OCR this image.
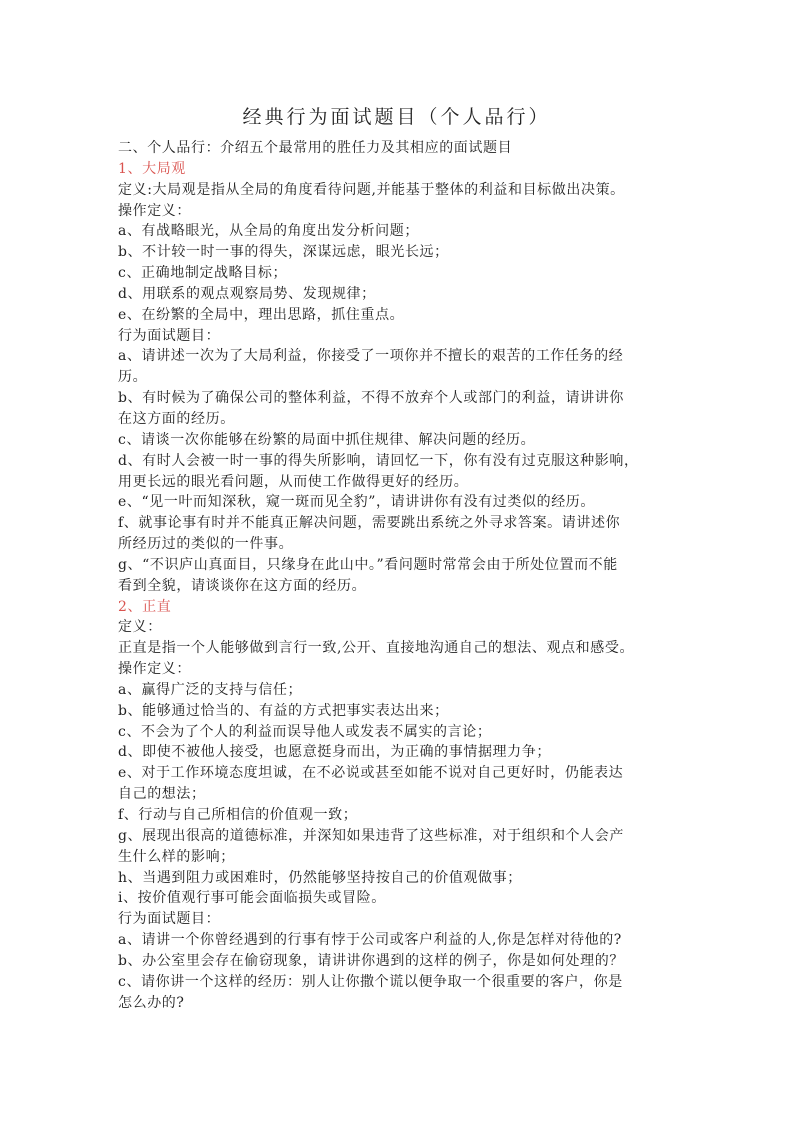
经典行为面试题目（个人品行）
二、个人品行：介绍五个最常用的胜任力及其相应的面试题目
1、大局观
定义:大局观是指从全局的角度看待问题,并能基于整体的利益和目标做出决策。
操作定义：
a、有战略眼光，从全局的角度出发分析问题；
b、不计较一时一事的得失，深谋远虑，眼光长远；
c、正确地制定战略目标；
d、用联系的观点观察局势、发现规律；
e、在纷繁的全局中，理出思路，抓住重点。
行为面试题目：
a、请讲述一次为了大局利益，你接受了一项你并不擅长的艰苦的工作任务的经
历。
b、有时候为了确保公司的整体利益，不得不放弃个人或部门的利益，请讲讲你
在这方面的经历。
c、请谈一次你能够在纷繁的局面中抓住规律、解决问题的经历。
d、有时人会被一时一事的得失所影响，请回忆一下，你有没有过克服这种影响，
用更长远的眼光看问题，从而使工作做得更好的经历。
e、“见一叶而知深秋，窥一斑而见全豹”，请讲讲你有没有过类似的经历。
f、就事论事有时并不能真正解决问题，需要跳出系统之外寻求答案。请讲述你
所经历过的类似的一件事。
g、“不识庐山真面目，只缘身在此山中。”看问题时常常会由于所处位置而不能
看到全貌，请谈谈你在这方面的经历。
2、正直
定义：
正直是指一个人能够做到言行一致,公开、直接地沟通自己的想法、观点和感受。
操作定义：
a、赢得广泛的支持与信任；
b、能够通过恰当的、有益的方式把事实表达出来；
c、不会为了个人的利益而误导他人或发表不属实的言论；
d、即使不被他人接受，也愿意挺身而出，为正确的事情据理力争；
e、对于工作环境态度坦诚，在不必说或甚至如能不说对自己更好时，仍能表达
自己的想法；
f、行动与自己所相信的价值观一致；
g、展现出很高的道德标准，并深知如果违背了这些标准，对于组织和个人会产
生什么样的影响；
h、当遇到阻力或困难时，仍然能够坚持按自己的价值观做事；
i、按价值观行事可能会面临损失或冒险。
行为面试题目：
a、请讲一个你曾经遇到的行事有悖于公司或客户利益的人,你是怎样对待他的?
b、办公室里会存在偷窃现象，请讲讲你遇到的这样的例子，你是如何处理的？
c、请你讲一个这样的经历：别人让你撒个谎以便争取一个很重要的客户，你是
怎么办的?
